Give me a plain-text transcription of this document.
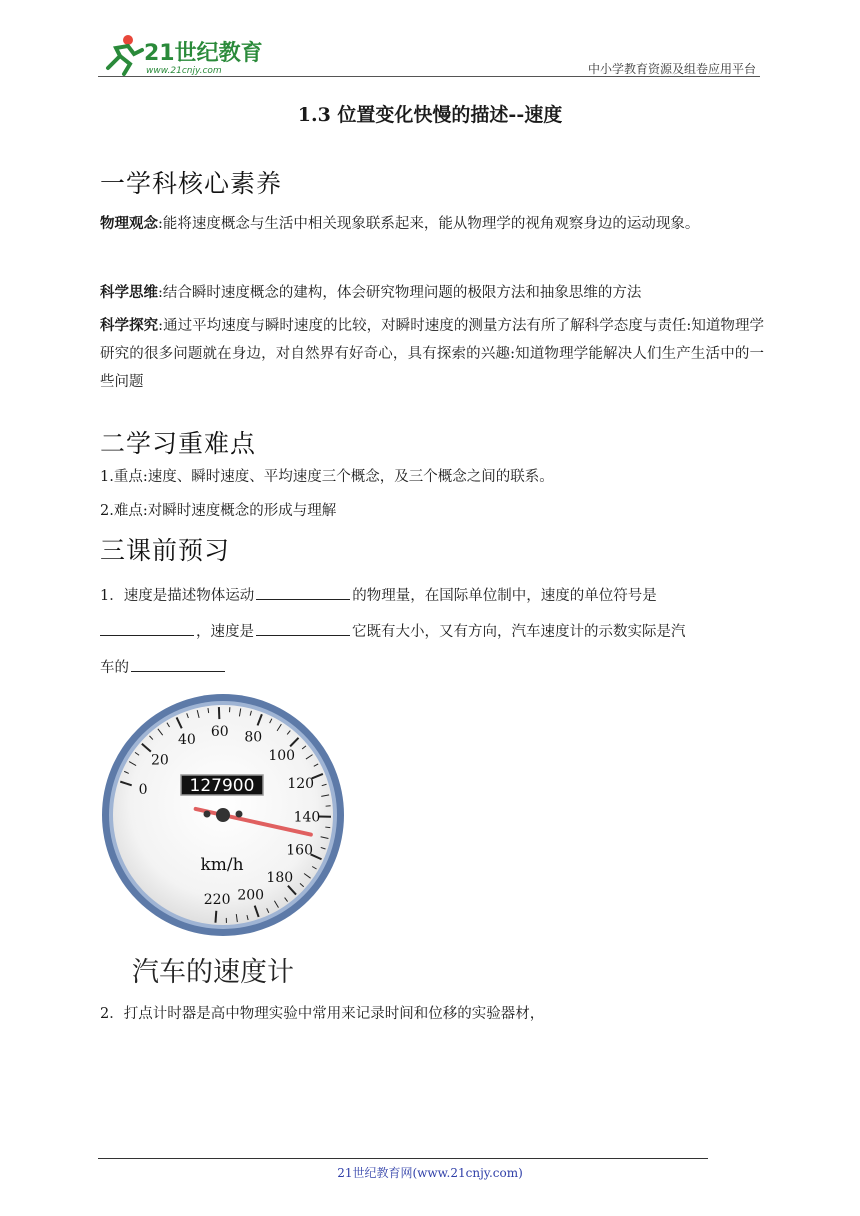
21世纪教育
www.21cnjy.com	中小学教育资源及组卷应用平台
1.3 位置变化快慢的描述--速度
一学科核心素养
物理观念:能将速度概念与生活中相关现象联系起来，能从物理学的视角观察身边的运动现象。
科学思维:结合瞬时速度概念的建构，体会研究物理问题的极限方法和抽象思维的方法
科学探究:通过平均速度与瞬时速度的比较，对瞬时速度的测量方法有所了解科学态度与责任:知道物理学研究的很多问题就在身边，对自然界有好奇心，具有探索的兴趣:知道物理学能解决人们生产生活中的一些问题
二学习重难点
1.重点:速度、瞬时速度、平均速度三个概念，及三个概念之间的联系。
2.难点:对瞬时速度概念的形成与理解
三课前预习
1．速度是描述物体运动	的物理量，在国际单位制中，速度的单位符号是
，速度是	它既有大小，又有方向，汽车速度计的示数实际是汽
车的
0
20
40
60 80
100
120
140
160
180
200
220
127900
km/h
汽车的速度计
2．打点计时器是高中物理实验中常用来记录时间和位移的实验器材，
21世纪教育网(www.21cnjy.com)
